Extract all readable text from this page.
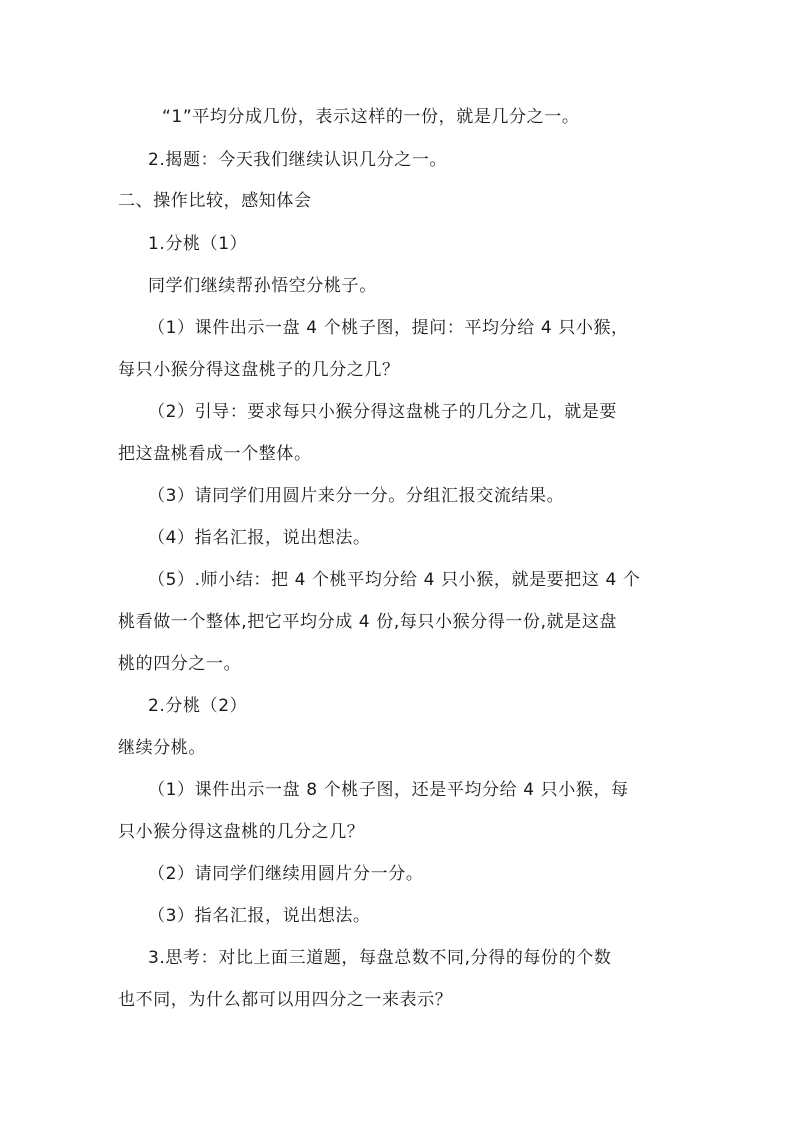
“1”平均分成几份，表示这样的一份，就是几分之一。
2.揭题：今天我们继续认识几分之一。
二、操作比较，感知体会
1.分桃（1）
同学们继续帮孙悟空分桃子。
（1）课件出示一盘 4 个桃子图，提问：平均分给 4 只小猴，
每只小猴分得这盘桃子的几分之几？
（2）引导：要求每只小猴分得这盘桃子的几分之几，就是要
把这盘桃看成一个整体。
（3）请同学们用圆片来分一分。分组汇报交流结果。
（4）指名汇报，说出想法。
（5）.师小结：把 4 个桃平均分给 4 只小猴，就是要把这 4 个
桃看做一个整体,把它平均分成 4 份,每只小猴分得一份,就是这盘
桃的四分之一。
2.分桃（2）
继续分桃。
（1）课件出示一盘 8 个桃子图，还是平均分给 4 只小猴，每
只小猴分得这盘桃的几分之几？
（2）请同学们继续用圆片分一分。
（3）指名汇报，说出想法。
3.思考：对比上面三道题，每盘总数不同,分得的每份的个数
也不同，为什么都可以用四分之一来表示？
